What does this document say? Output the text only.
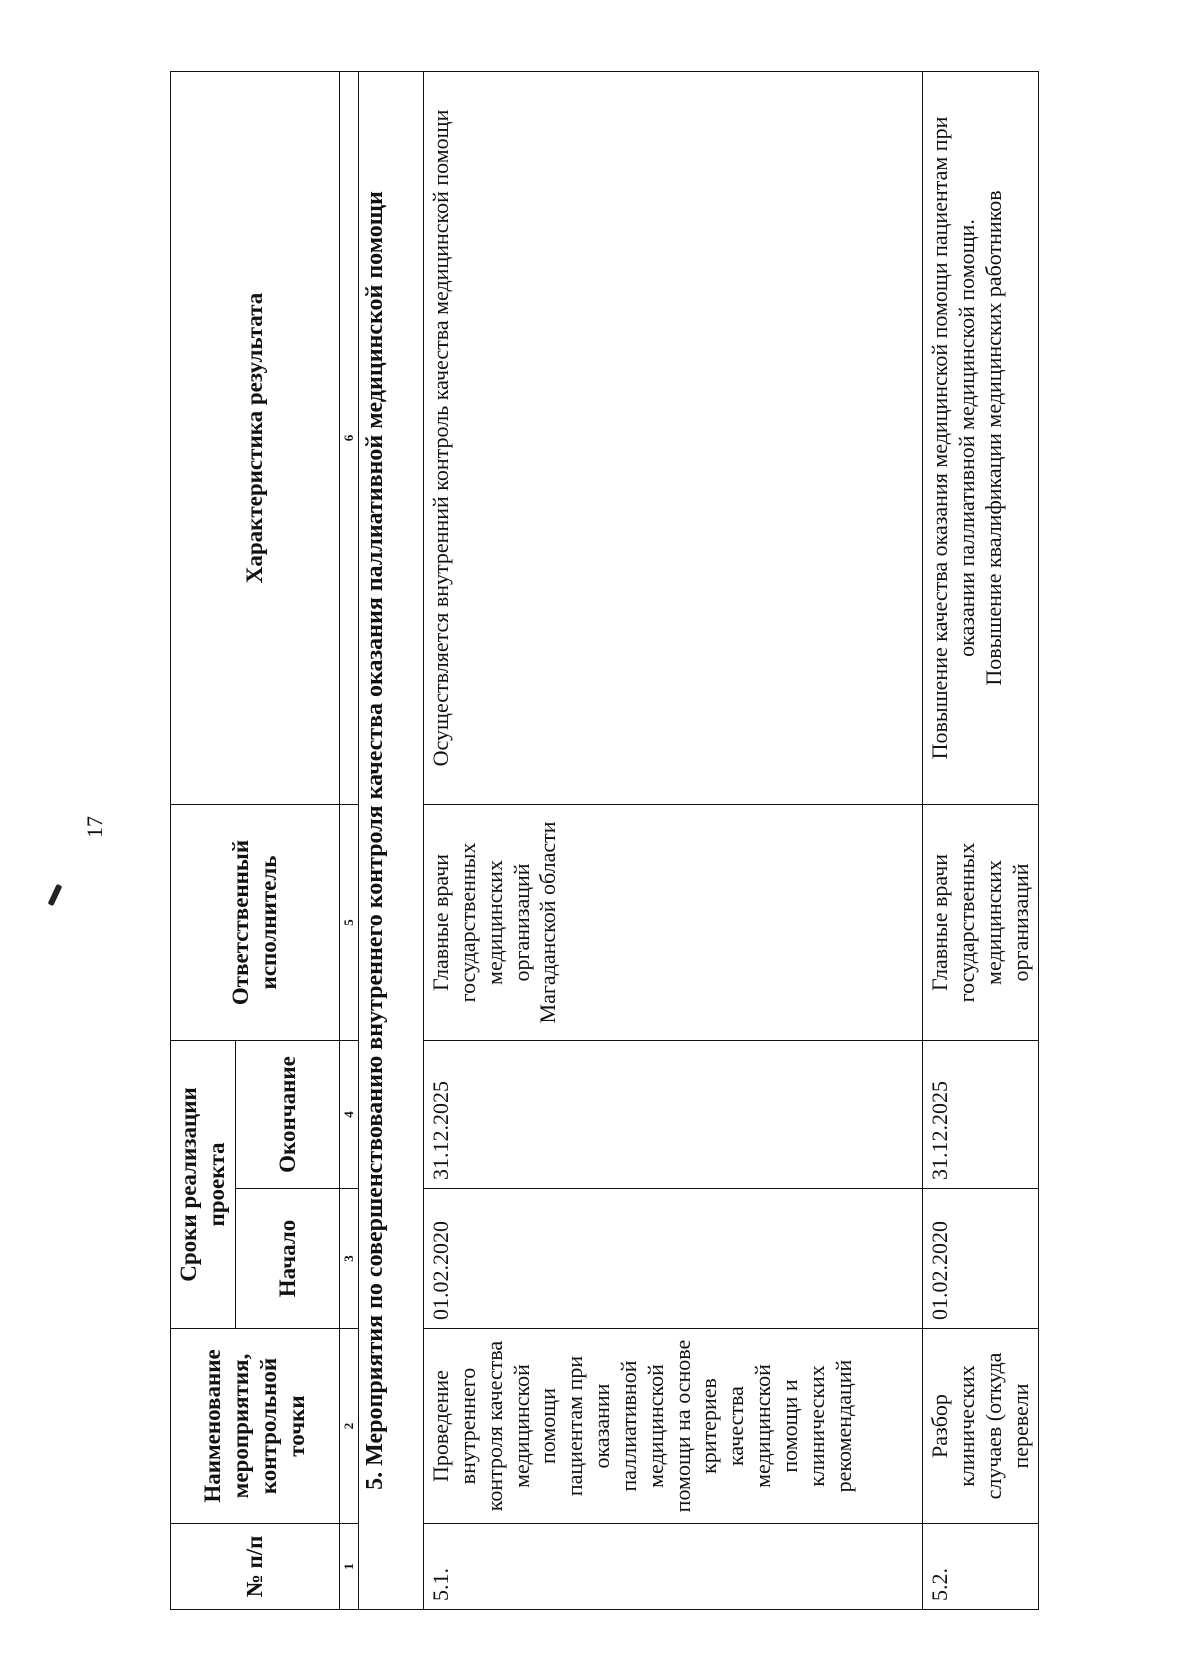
17
№ п/п	Наименование мероприятия, контрольной точки	Сроки реализации проекта		Ответственный исполнитель	Характеристика результата
		Начало	Окончание		
1	2	3	4	5	6
5. Мероприятия по совершенствованию внутреннего контроля качества оказания паллиативной медицинской помощи					
5.1.	Проведение внутреннего контроля качества медицинской помощи пациентам при оказании паллиативной медицинской помощи на основе критериев качества медицинской помощи и клинических рекомендаций	01.02.2020	31.12.2025	Главные врачи государственных медицинских организаций Магаданской области	Осуществляется внутренний контроль качества медицинской помощи
5.2.	Разбор клинических случаев (откуда перевели	01.02.2020	31.12.2025	Главные врачи государственных медицинских организаций	Повышение качества оказания медицинской помощи пациентам при оказании паллиативной медицинской помощи. Повышение квалификации медицинских работников
